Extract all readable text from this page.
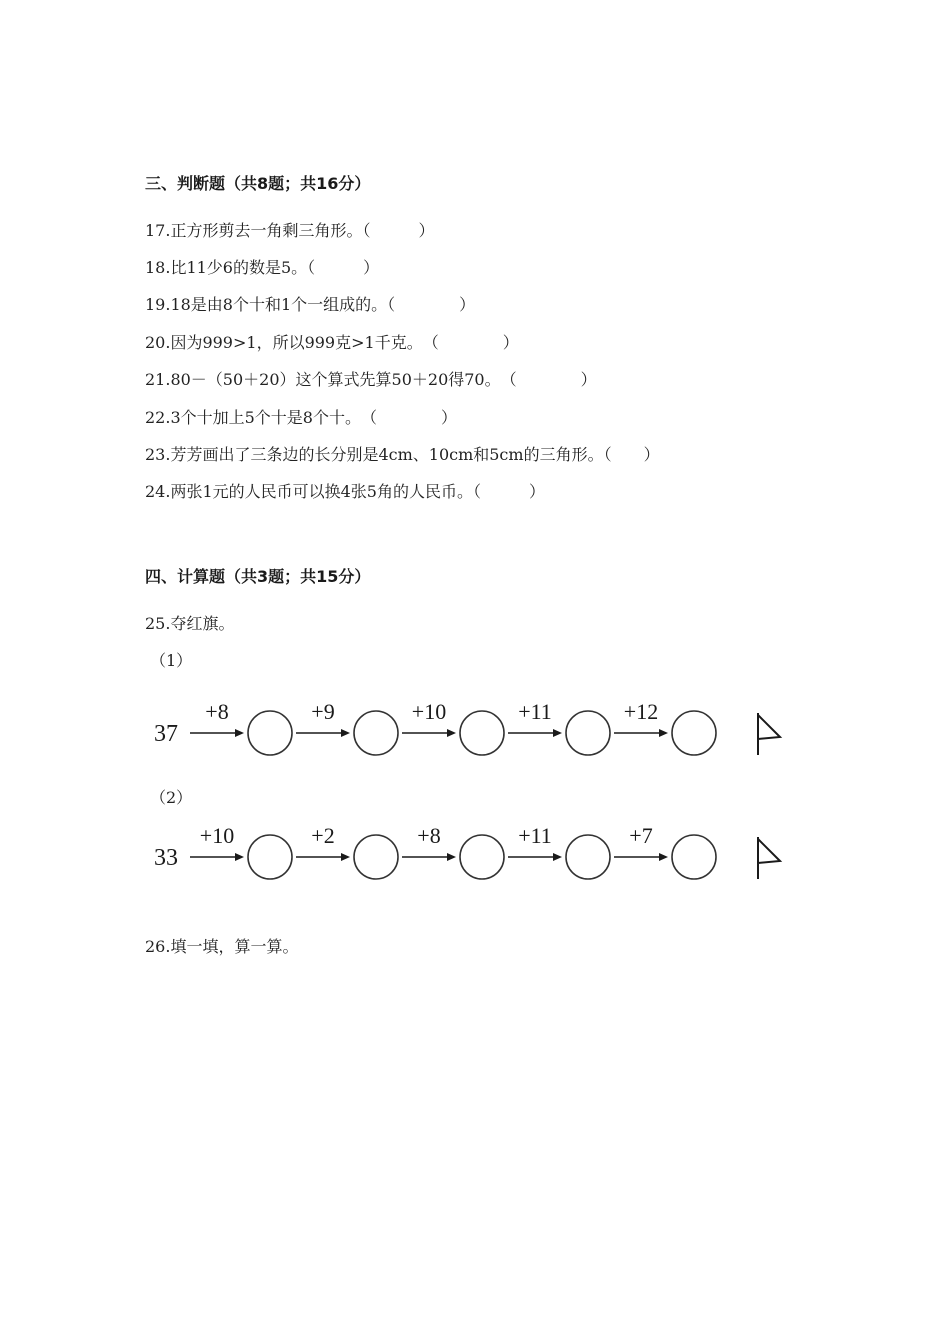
三、判断题（共8题；共16分）
17.正方形剪去一角剩三角形。（　　　）
18.比11少6的数是5。（　　　）
19.18是由8个十和1个一组成的。（　　　　）
20.因为999>1，所以999克>1千克。　（　　　　）
21.80－（50＋20）这个算式先算50＋20得70。　（　　　　）
22.3个十加上5个十是8个十。　（　　　　）
23.芳芳画出了三条边的长分别是4cm、10cm和5cm的三角形。（　　）
24.两张1元的人民币可以换4张5角的人民币。（　　　）
四、计算题（共3题；共15分）
25.夺红旗。
（1）
37
+8	+9	+10	+11	+12
（2）
33
+10	+2	+8	+11	+7
26.填一填，算一算。
